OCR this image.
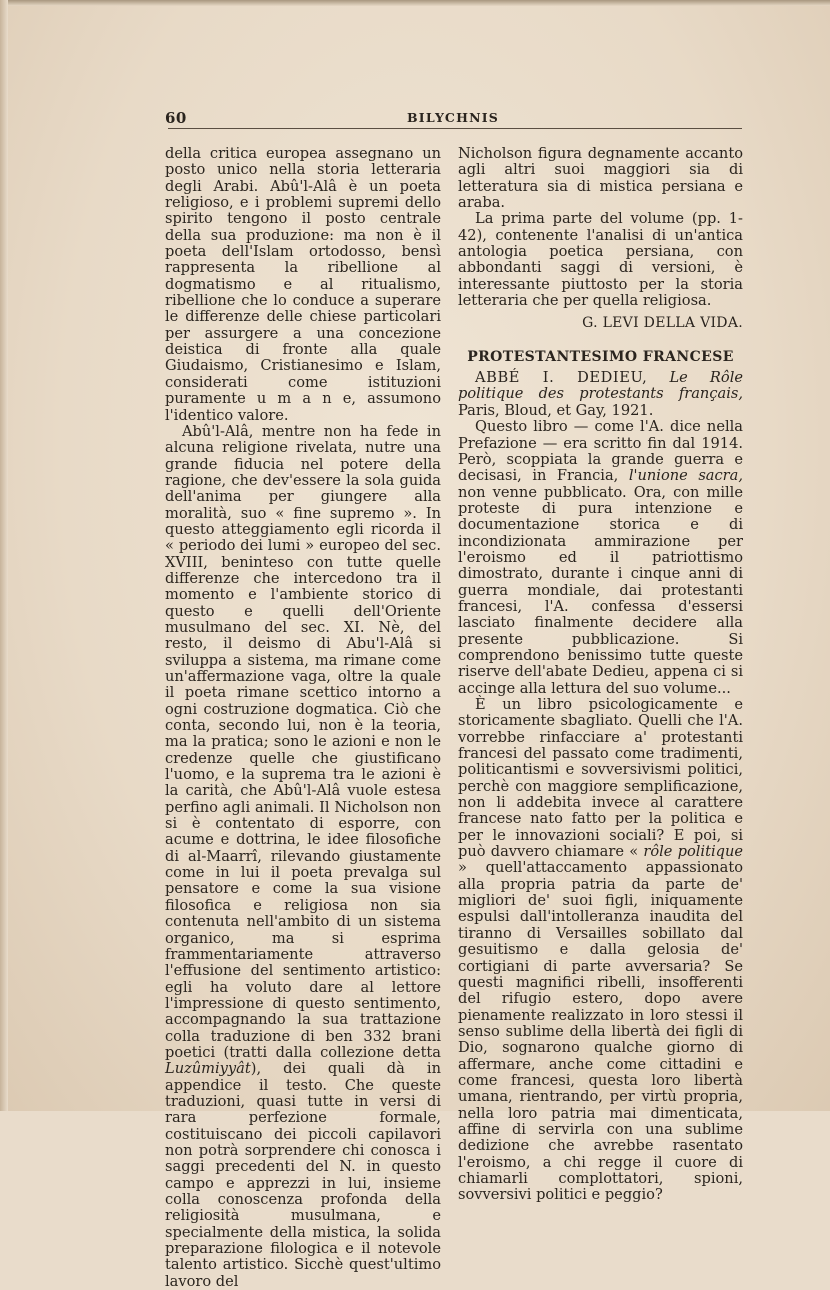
60	BILYCHNIS

della critica europea assegnano un posto unico nella storia letteraria degli Arabi. Abû'l-Alâ è un poeta religioso, e i problemi supremi dello spirito tengono il posto centrale della sua produzione: ma non è il poeta dell'Islam ortodosso, bensì rappresenta la ribellione al dogmatismo e al ritualismo, ribellione che lo conduce a superare le differenze delle chiese particolari per assurgere a una concezione deistica di fronte alla quale Giudaismo, Cristianesimo e Islam, considerati come istituzioni puramente u m a n e, assumono l'identico valore.

Abû'l-Alâ, mentre non ha fede in alcuna religione rivelata, nutre una grande fiducia nel potere della ragione, che dev'essere la sola guida dell'anima per giungere alla moralità, suo « fine supremo ». In questo atteggiamento egli ricorda il « periodo dei lumi » europeo del sec. XVIII, beninteso con tutte quelle differenze che intercedono tra il momento e l'ambiente storico di questo e quelli dell'Oriente musulmano del sec. XI. Nè, del resto, il deismo di Abu'l-Alâ si sviluppa a sistema, ma rimane come un'affermazione vaga, oltre la quale il poeta rimane scettico intorno a ogni costruzione dogmatica. Ciò che conta, secondo lui, non è la teoria, ma la pratica; sono le azioni e non le credenze quelle che giustificano l'uomo, e la suprema tra le azioni è la carità, che Abû'l-Alâ vuole estesa perfino agli animali. Il Nicholson non si è contentato di esporre, con acume e dottrina, le idee filosofiche di al-Maarrî, rilevando giustamente come in lui il poeta prevalga sul pensatore e come la sua visione filosofica e religiosa non sia contenuta nell'ambito di un sistema organico, ma si esprima frammentariamente attraverso l'effusione del sentimento artistico: egli ha voluto dare al lettore l'impressione di questo sentimento, accompagnando la sua trattazione colla traduzione di ben 332 brani poetici (tratti dalla collezione detta Luzûmiyyât), dei quali dà in appendice il testo. Che queste traduzioni, quasi tutte in versi di rara perfezione formale, costituiscano dei piccoli capilavori non potrà sorprendere chi conosca i saggi precedenti del N. in questo campo e apprezzi in lui, insieme colla conoscenza profonda della religiosità musulmana, e specialmente della mistica, la solida preparazione filologica e il notevole talento artistico. Sicchè quest'ultimo lavoro del

Nicholson figura degnamente accanto agli altri suoi maggiori sia di letteratura sia di mistica persiana e araba.

La prima parte del volume (pp. 1-42), contenente l'analisi di un'antica antologia poetica persiana, con abbondanti saggi di versioni, è interessante piuttosto per la storia letteraria che per quella religiosa.

G. LEVI DELLA VIDA.

PROTESTANTESIMO FRANCESE

ABBÉ I. DEDIEU, Le Rôle politique des protestants français, Paris, Bloud, et Gay, 1921.

Questo libro — come l'A. dice nella Prefazione — era scritto fin dal 1914. Però, scoppiata la grande guerra e decisasi, in Francia, l'unione sacra, non venne pubblicato. Ora, con mille proteste di pura intenzione e documentazione storica e di incondizionata ammirazione per l'eroismo ed il patriottismo dimostrato, durante i cinque anni di guerra mondiale, dai protestanti francesi, l'A. confessa d'essersi lasciato finalmente decidere alla presente pubblicazione. Si comprendono benissimo tutte queste riserve dell'abate Dedieu, appena ci si accinge alla lettura del suo volume...

È un libro psicologicamente e storicamente sbagliato. Quelli che l'A. vorrebbe rinfacciare a' protestanti francesi del passato come tradimenti, politicantismi e sovversivismi politici, perchè con maggiore semplificazione, non li addebita invece al carattere francese nato fatto per la politica e per le innovazioni sociali? E poi, si può davvero chiamare « rôle politique » quell'attaccamento appassionato alla propria patria da parte de' migliori de' suoi figli, iniquamente espulsi dall'intolleranza inaudita del tiranno di Versailles sobillato dal gesuitismo e dalla gelosia de' cortigiani di parte avversaria? Se questi magnifici ribelli, insofferenti del rifugio estero, dopo avere pienamente realizzato in loro stessi il senso sublime della libertà dei figli di Dio, sognarono qualche giorno di affermare, anche come cittadini e come francesi, questa loro libertà umana, rientrando, per virtù propria, nella loro patria mai dimenticata, affine di servirla con una sublime dedizione che avrebbe rasentato l'eroismo, a chi regge il cuore di chiamarli complottatori, spioni, sovversivi politici e peggio?
